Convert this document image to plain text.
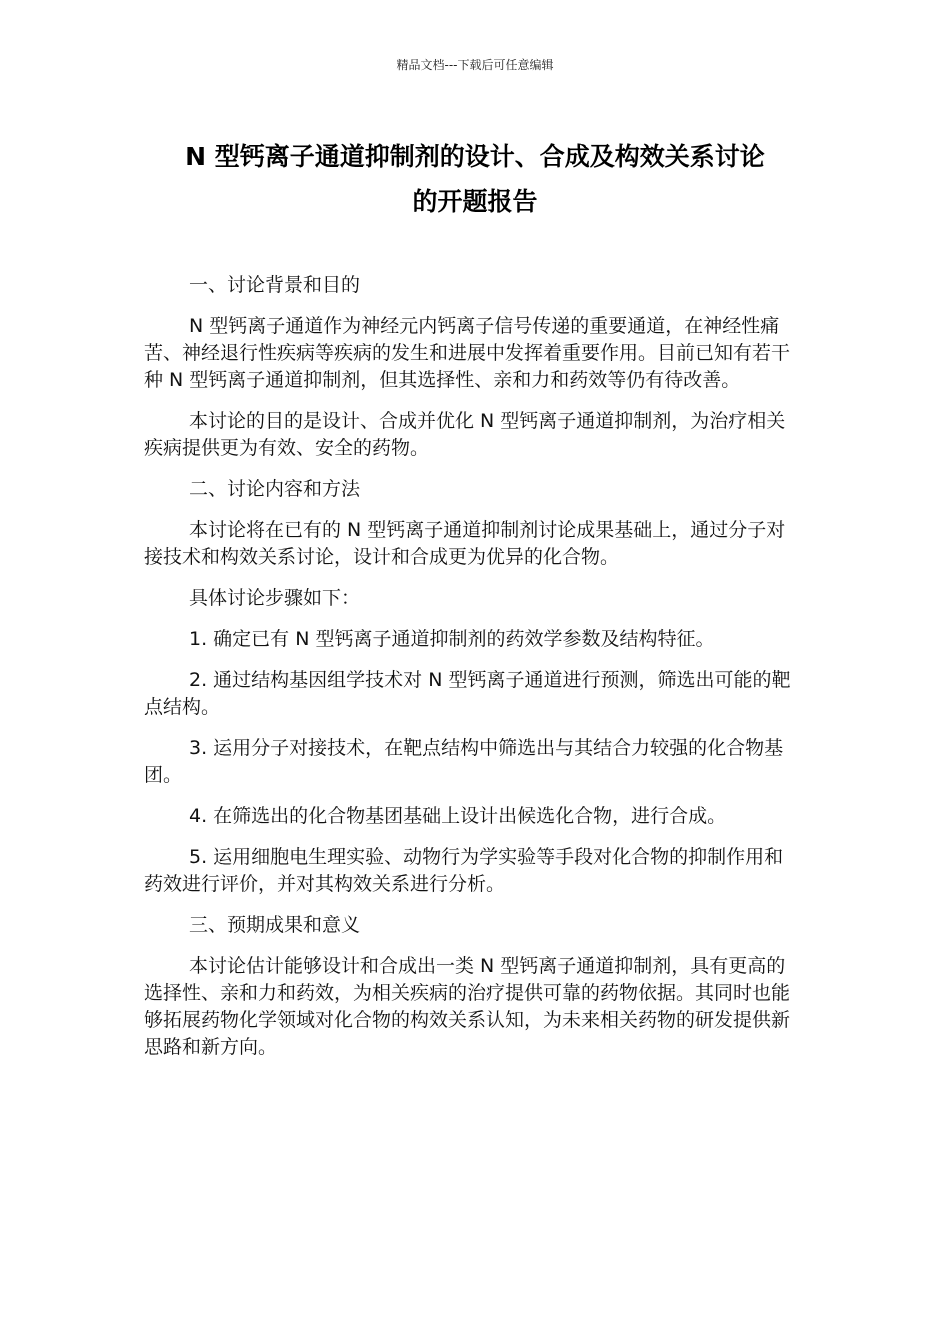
精品文档---下载后可任意编辑
N 型钙离子通道抑制剂的设计、合成及构效关系讨论
的开题报告

一、讨论背景和目的

N 型钙离子通道作为神经元内钙离子信号传递的重要通道，在神经性痛苦、神经退行性疾病等疾病的发生和进展中发挥着重要作用。目前已知有若干种 N 型钙离子通道抑制剂，但其选择性、亲和力和药效等仍有待改善。

本讨论的目的是设计、合成并优化 N 型钙离子通道抑制剂，为治疗相关疾病提供更为有效、安全的药物。

二、讨论内容和方法

本讨论将在已有的 N 型钙离子通道抑制剂讨论成果基础上，通过分子对接技术和构效关系讨论，设计和合成更为优异的化合物。

具体讨论步骤如下：

1. 确定已有 N 型钙离子通道抑制剂的药效学参数及结构特征。

2. 通过结构基因组学技术对 N 型钙离子通道进行预测，筛选出可能的靶点结构。

3. 运用分子对接技术，在靶点结构中筛选出与其结合力较强的化合物基团。

4. 在筛选出的化合物基团基础上设计出候选化合物，进行合成。

5. 运用细胞电生理实验、动物行为学实验等手段对化合物的抑制作用和药效进行评价，并对其构效关系进行分析。

三、预期成果和意义

本讨论估计能够设计和合成出一类 N 型钙离子通道抑制剂，具有更高的选择性、亲和力和药效，为相关疾病的治疗提供可靠的药物依据。其同时也能够拓展药物化学领域对化合物的构效关系认知，为未来相关药物的研发提供新思路和新方向。
